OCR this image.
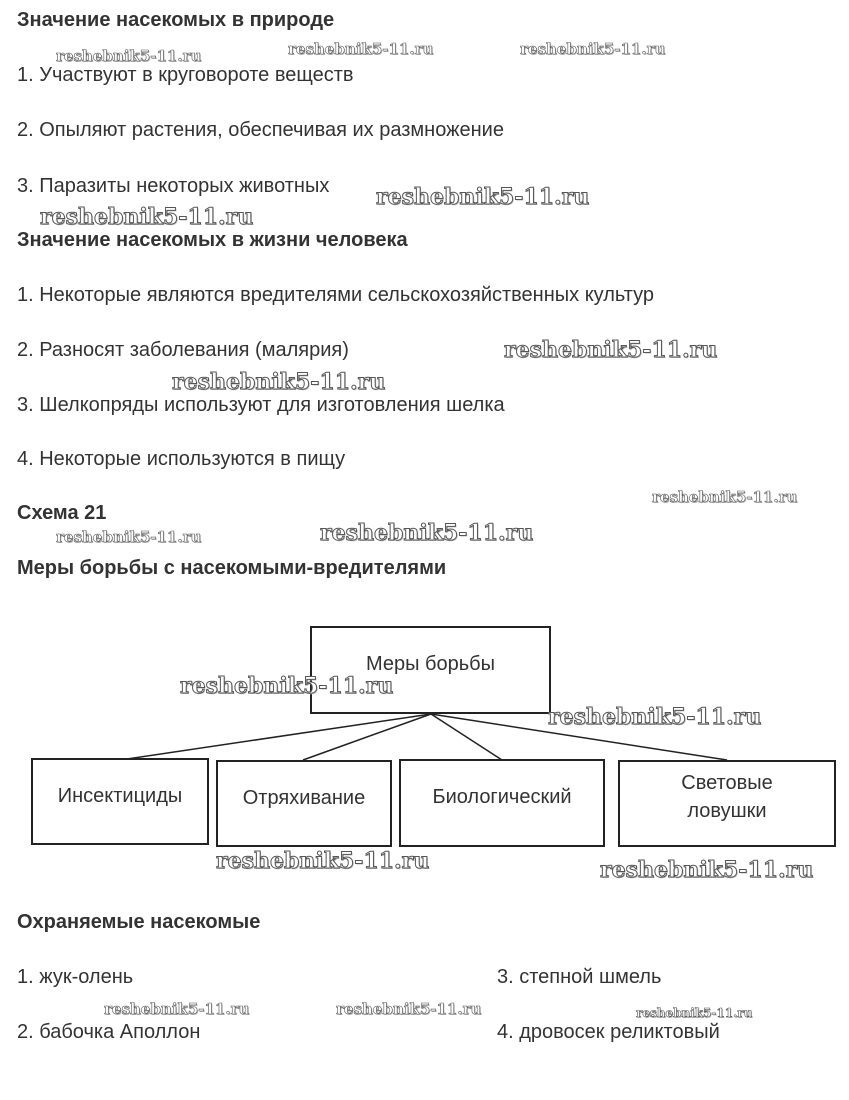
Значение насекомых в природе
1. Участвуют в круговороте веществ
2. Опыляют растения, обеспечивая их размножение
3. Паразиты некоторых животных
Значение насекомых в жизни человека
1. Некоторые являются вредителями сельскохозяйственных культур
2. Разносят заболевания (малярия)
3. Шелкопряды используют для изготовления шелка
4. Некоторые используются в пищу
Схема 21
Меры борьбы с насекомыми-вредителями
Меры борьбы
Инсектициды	Отряхивание	Биологический
Световые
ловушки
Охраняемые насекомые
1. жук-олень
2. бабочка Аполлон
3. степной шмель
4. дровосек реликтовый
reshebnik5-11.ru	reshebnik5-11.ru	reshebnik5-11.ru
reshebnik5-11.ru
reshebnik5-11.ru
reshebnik5-11.ru
reshebnik5-11.ru
reshebnik5-11.ru
reshebnik5-11.ru	reshebnik5-11.ru
reshebnik5-11.ru
reshebnik5-11.ru
reshebnik5-11.ru	reshebnik5-11.ru
reshebnik5-11.ru	reshebnik5-11.ru	reshebnik5-11.ru
